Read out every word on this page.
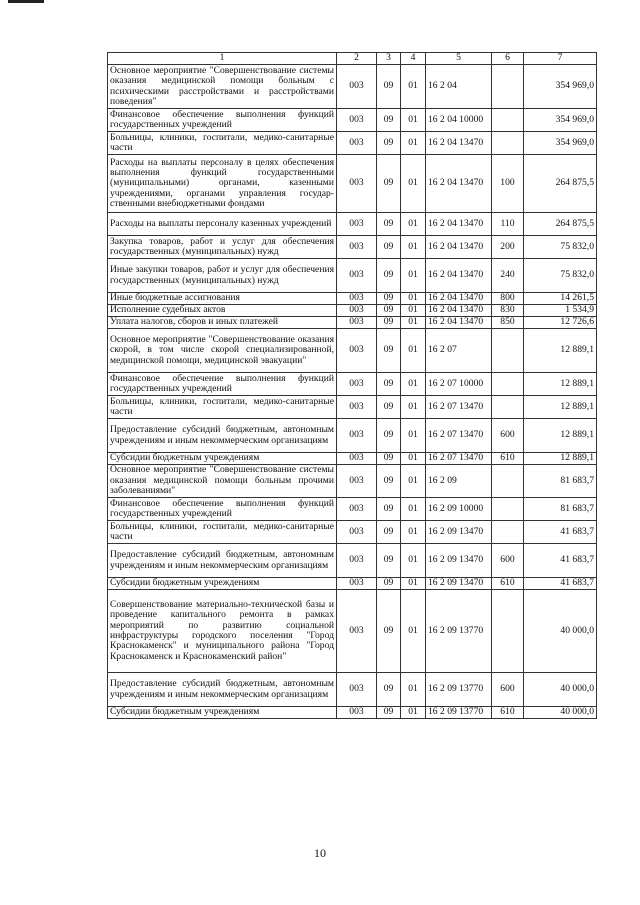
1	2	3	4	5	6	7
Основное мероприятие "Совершенствование системы оказания медицинской помощи больным с психическими расстройствами и расстройствами поведения"	003	09	01	16 2 04		354 969,0
Финансовое обеспечение выполнения функций государственных учреждений	003	09	01	16 2 04 10000		354 969,0
Больницы, клиники, госпитали, медико-санитарные части	003	09	01	16 2 04 13470		354 969,0
Расходы на выплаты персоналу в целях обеспечения выполнения функций государственными (муниципальными) органами, казенными учреждениями, органами управления государственными внебюджетными фондами	003	09	01	16 2 04 13470	100	264 875,5
Расходы на выплаты персоналу казенных учреждений	003	09	01	16 2 04 13470	110	264 875,5
Закупка товаров, работ и услуг для обеспечения государственных (муниципальных) нужд	003	09	01	16 2 04 13470	200	75 832,0
Иные закупки товаров, работ и услуг для обеспечения государственных (муниципальных) нужд	003	09	01	16 2 04 13470	240	75 832,0
Иные бюджетные ассигнования	003	09	01	16 2 04 13470	800	14 261,5
Исполнение судебных актов	003	09	01	16 2 04 13470	830	1 534,9
Уплата налогов, сборов и иных платежей	003	09	01	16 2 04 13470	850	12 726,6
Основное мероприятие "Совершенствование оказания скорой, в том числе скорой специализированной, медицинской помощи, медицинской эвакуации"	003	09	01	16 2 07		12 889,1
Финансовое обеспечение выполнения функций государственных учреждений	003	09	01	16 2 07 10000		12 889,1
Больницы, клиники, госпитали, медико-санитарные части	003	09	01	16 2 07 13470		12 889,1
Предоставление субсидий бюджетным, автономным учреждениям и иным некоммерческим организациям	003	09	01	16 2 07 13470	600	12 889,1
Субсидии бюджетным учреждениям	003	09	01	16 2 07 13470	610	12 889,1
Основное мероприятие "Совершенствование системы оказания медицинской помощи больным прочими заболеваниями"	003	09	01	16 2 09		81 683,7
Финансовое обеспечение выполнения функций государственных учреждений	003	09	01	16 2 09 10000		81 683,7
Больницы, клиники, госпитали, медико-санитарные части	003	09	01	16 2 09 13470		41 683,7
Предоставление субсидий бюджетным, автономным учреждениям и иным некоммерческим организациям	003	09	01	16 2 09 13470	600	41 683,7
Субсидии бюджетным учреждениям	003	09	01	16 2 09 13470	610	41 683,7
Совершенствование материально-технической базы и проведение капитального ремонта в рамках мероприятий по развитию социальной инфраструктуры городского поселения "Город Краснокаменск" и муниципального района "Город Краснокаменск и Краснокаменский район"	003	09	01	16 2 09 13770		40 000,0
Предоставление субсидий бюджетным, автономным учреждениям и иным некоммерческим организациям	003	09	01	16 2 09 13770	600	40 000,0
Субсидии бюджетным учреждениям	003	09	01	16 2 09 13770	610	40 000,0
10
